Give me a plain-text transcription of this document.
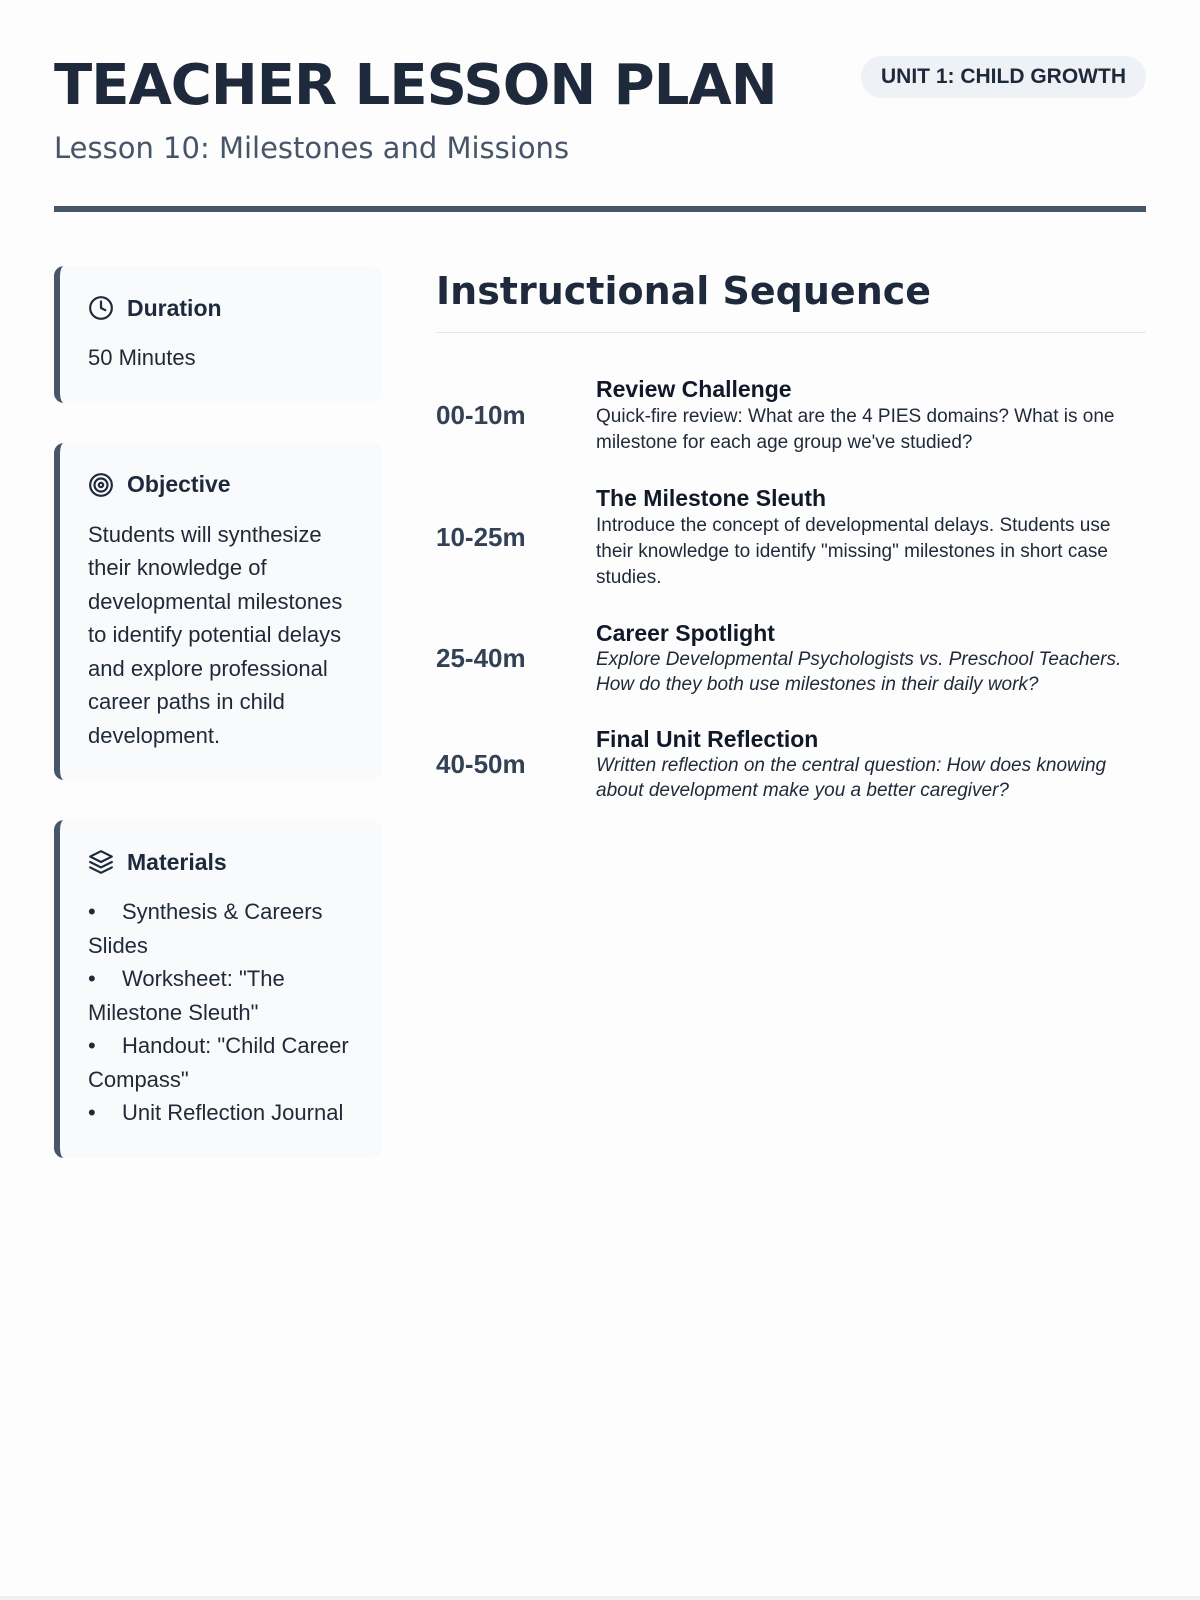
TEACHER LESSON PLAN
Lesson 10: Milestones and Missions
UNIT 1: CHILD GROWTH
Duration
50 Minutes
Objective
Students will synthesize their knowledge of developmental milestones to identify potential delays and explore professional career paths in child development.
Materials
• Synthesis & Careers Slides
• Worksheet: "The Milestone Sleuth"
• Handout: "Child Career Compass"
• Unit Reflection Journal
Instructional Sequence
00-10m
Review Challenge
Quick-fire review: What are the 4 PIES domains? What is one milestone for each age group we've studied?
10-25m
The Milestone Sleuth
Introduce the concept of developmental delays. Students use their knowledge to identify "missing" milestones in short case studies.
25-40m
Career Spotlight
Explore Developmental Psychologists vs. Preschool Teachers. How do they both use milestones in their daily work?
40-50m
Final Unit Reflection
Written reflection on the central question: How does knowing about development make you a better caregiver?
